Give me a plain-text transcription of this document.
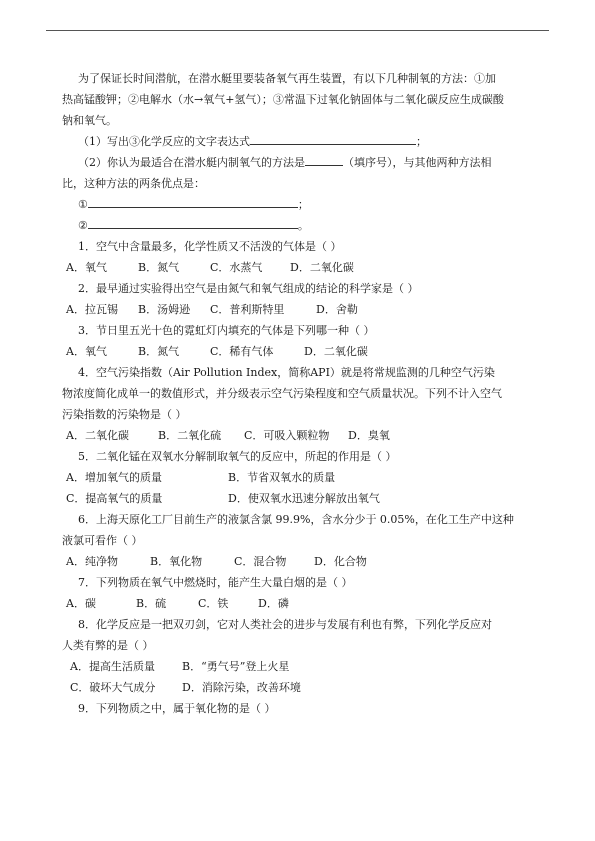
为了保证长时间潜航，在潜水艇里要装备氧气再生装置，有以下几种制氧的方法：①加
热高锰酸钾；②电解水（水→氧气+氢气）；③常温下过氧化钠固体与二氧化碳反应生成碳酸
钠和氧气。
（1）写出③化学反应的文字表达式	；
（2）你认为最适合在潜水艇内制氧气的方法是	（填序号），与其他两种方法相
比，这种方法的两条优点是：
①	；
②	。
1．空气中含量最多，化学性质又不活泼的气体是（ ）
A．氧气	B．氮气	C．水蒸气	D．二氧化碳
2．最早通过实验得出空气是由氮气和氧气组成的结论的科学家是（ ）
A．拉瓦锡 B．汤姆逊 C．普利斯特里	D．舍勒
3．节日里五光十色的霓虹灯内填充的气体是下列哪一种（ ）
A．氧气	B．氮气	C．稀有气体	D．二氧化碳
4．空气污染指数（Air Pollution Index，简称API）就是将常规监测的几种空气污染
物浓度简化成单一的数值形式，并分级表示空气污染程度和空气质量状况。下列不计入空气
污染指数的污染物是（ ）
A．二氧化碳	B．二氧化硫 C．可吸入颗粒物 D．臭氧
5．二氧化锰在双氧水分解制取氧气的反应中，所起的作用是（ ）
A．增加氧气的质量	B．节省双氧水的质量
C．提高氧气的质量	D．使双氧水迅速分解放出氧气
6．上海天原化工厂目前生产的液氯含氯 99.9%，含水分少于 0.05%，在化工生产中这种
液氯可看作（ ）
A．纯净物	B．氧化物	C．混合物	D．化合物
7．下列物质在氧气中燃烧时，能产生大量白烟的是（ ）
A．碳	B．硫	C．铁	D．磷
8．化学反应是一把双刃剑，它对人类社会的进步与发展有利也有弊，下列化学反应对
人类有弊的是（ ）
A．提高生活质量 B．“勇气号”登上火星
C．破坏大气成分 D．消除污染，改善环境
9．下列物质之中，属于氧化物的是（ ）
